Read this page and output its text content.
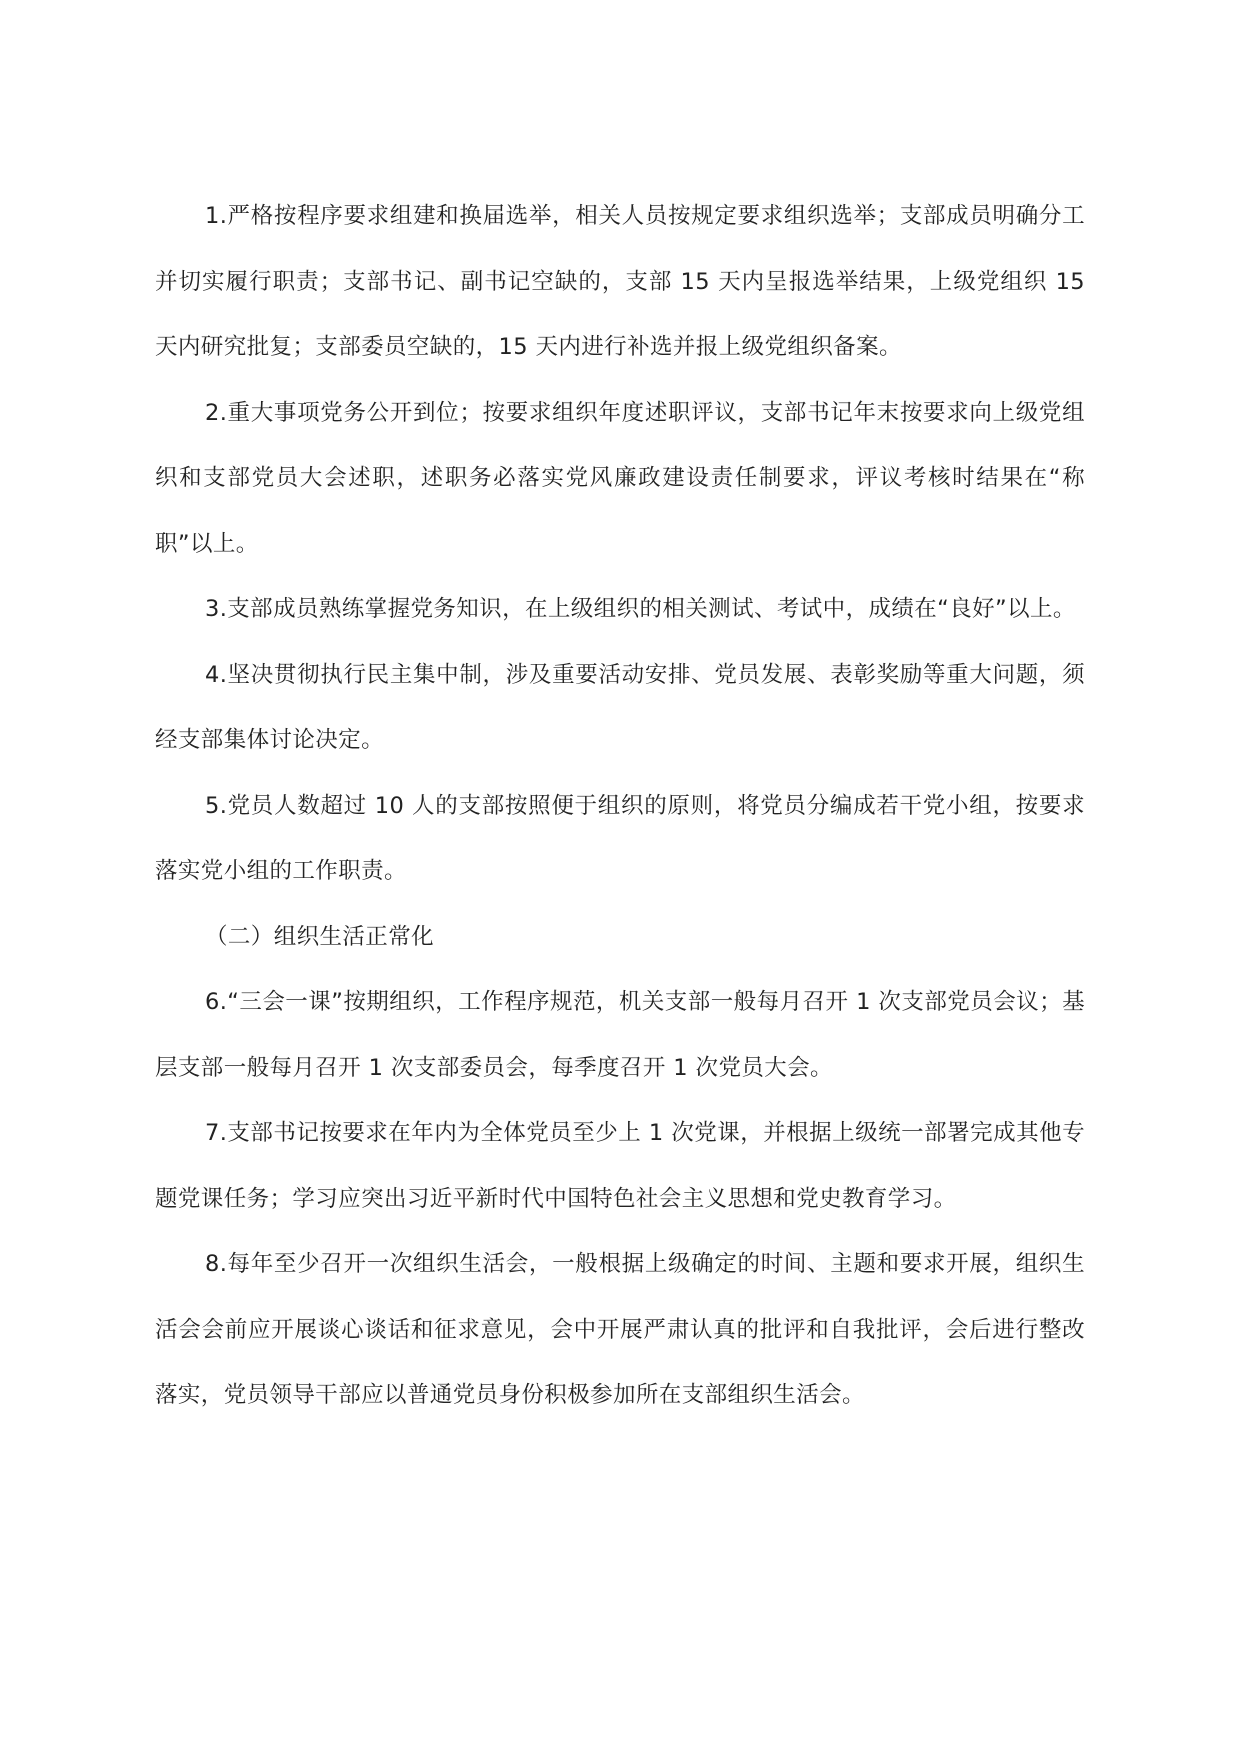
1.严格按程序要求组建和换届选举，相关人员按规定要求组织选举；支部成员明确分工并切实履行职责；支部书记、副书记空缺的，支部 15 天内呈报选举结果，上级党组织 15 天内研究批复；支部委员空缺的，15 天内进行补选并报上级党组织备案。

2.重大事项党务公开到位；按要求组织年度述职评议，支部书记年末按要求向上级党组织和支部党员大会述职，述职务必落实党风廉政建设责任制要求，评议考核时结果在“称职”以上。

3.支部成员熟练掌握党务知识，在上级组织的相关测试、考试中，成绩在“良好”以上。

4.坚决贯彻执行民主集中制，涉及重要活动安排、党员发展、表彰奖励等重大问题，须经支部集体讨论决定。

5.党员人数超过 10 人的支部按照便于组织的原则，将党员分编成若干党小组，按要求落实党小组的工作职责。

（二）组织生活正常化

6.“三会一课”按期组织，工作程序规范，机关支部一般每月召开 1 次支部党员会议；基层支部一般每月召开 1 次支部委员会，每季度召开 1 次党员大会。

7.支部书记按要求在年内为全体党员至少上 1 次党课，并根据上级统一部署完成其他专题党课任务；学习应突出习近平新时代中国特色社会主义思想和党史教育学习。

8.每年至少召开一次组织生活会，一般根据上级确定的时间、主题和要求开展，组织生活会会前应开展谈心谈话和征求意见，会中开展严肃认真的批评和自我批评，会后进行整改落实，党员领导干部应以普通党员身份积极参加所在支部组织生活会。
